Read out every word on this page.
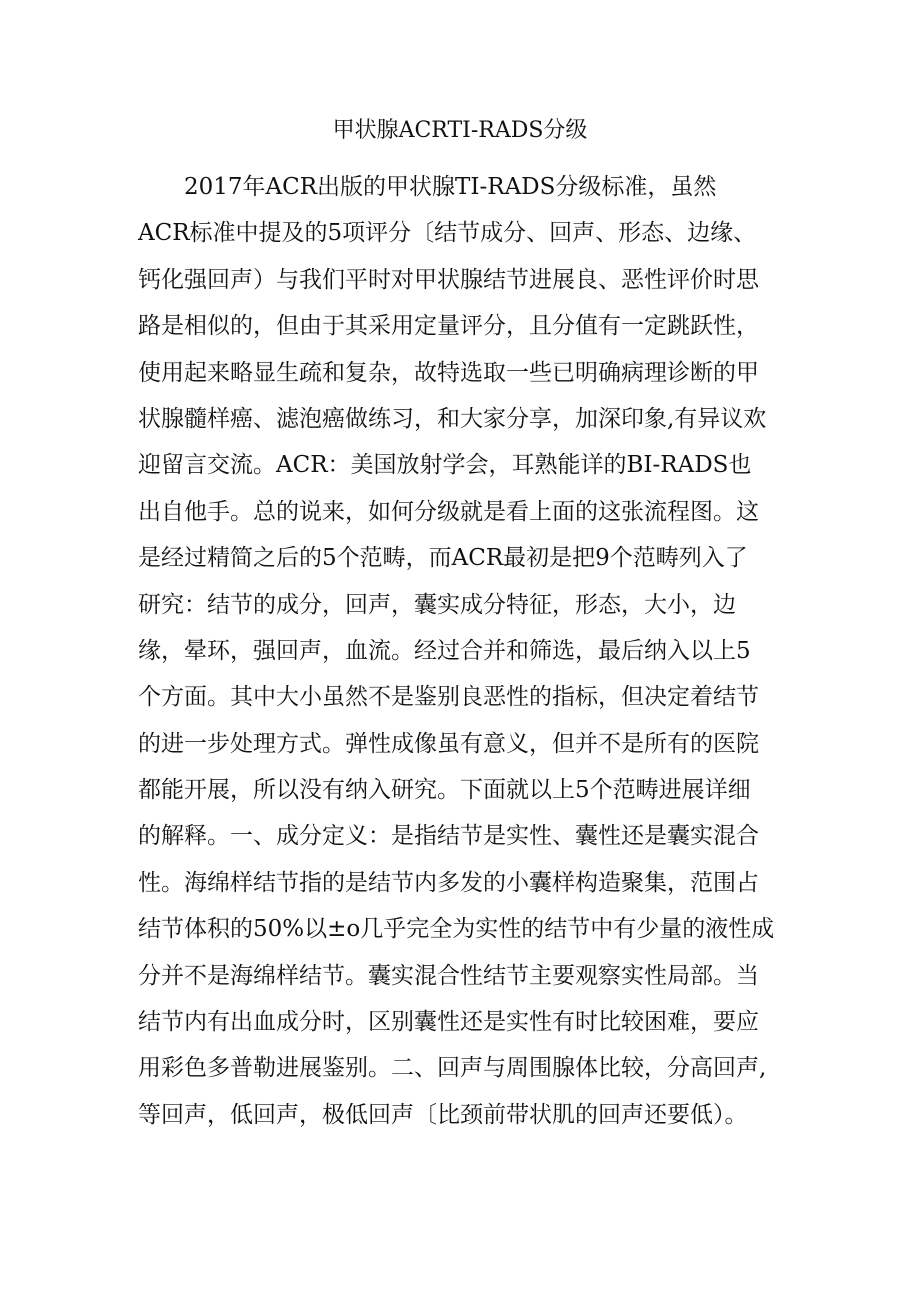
甲状腺ACRTI-RADS分级
2017年ACR出版的甲状腺TI-RADS分级标准，虽然
ACR标准中提及的5项评分〔结节成分、回声、形态、边缘、
钙化强回声）与我们平时对甲状腺结节进展良、恶性评价时思
路是相似的，但由于其采用定量评分，且分值有一定跳跃性，
使用起来略显生疏和复杂，故特选取一些已明确病理诊断的甲
状腺髓样癌、滤泡癌做练习，和大家分享，加深印象,有异议欢
迎留言交流。ACR：美国放射学会，耳熟能详的BI-RADS也
出自他手。总的说来，如何分级就是看上面的这张流程图。这
是经过精简之后的5个范畴，而ACR最初是把9个范畴列入了
研究：结节的成分，回声，囊实成分特征，形态，大小，边
缘，晕环，强回声，血流。经过合并和筛选，最后纳入以上5
个方面。其中大小虽然不是鉴别良恶性的指标，但决定着结节
的进一步处理方式。弹性成像虽有意义，但并不是所有的医院
都能开展，所以没有纳入研究。下面就以上5个范畴进展详细
的解释。一、成分定义：是指结节是实性、囊性还是囊实混合
性。海绵样结节指的是结节内多发的小囊样构造聚集，范围占
结节体积的50%以±o几乎完全为实性的结节中有少量的液性成
分并不是海绵样结节。囊实混合性结节主要观察实性局部。当
结节内有出血成分时，区别囊性还是实性有时比较困难，要应
用彩色多普勒进展鉴别。二、回声与周围腺体比较，分高回声,
等回声，低回声，极低回声〔比颈前带状肌的回声还要低）。
